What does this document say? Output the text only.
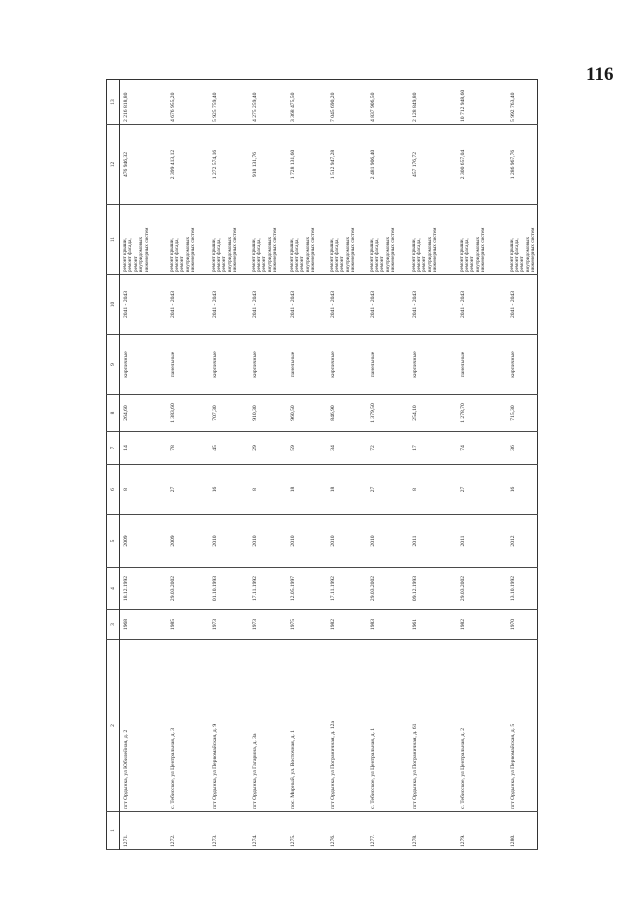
116
1	2	3	4	5	6	7	8	9	10	11	12	13
1271.	пгт Ордынка, ул Юбилейная, д. 2	1968	18.12.1992	2009	8	14	264,60	кирпичные	2041 - 2043	ремонт крыши, ремонт фасада, ремонт внутридомовых инженерных систем	476 946,32	2 216 818,80
1272.	с. Тебисское, ул Центральная, д. 3	1985	29.03.2002	2009	27	78	1 383,60	панельные	2041 - 2043	ремонт крыши, ремонт фасада, ремонт внутридомовых инженерных систем	2 399 413,12	4 676 955,20
1273.	пгт Ордынка, ул Первомайская, д. 9	1973	01.10.1993	2010	16	45	707,30	кирпичные	2041 - 2043	ремонт крыши, ремонт фасада, ремонт внутридомовых инженерных систем	1 272 574,16	5 925 759,40
1274.	пгт Ордынка, ул Гагарина, д. 3а	1973	17.11.1992	2010	8	29	910,30	кирпичные	2041 - 2043	ремонт крыши, ремонт фасада, ремонт внутридомовых инженерных систем	918 131,76	4 275 259,40
1275.	пос. Мирный, ул. Восточная, д. 1	1975	12.05.1997	2010	18	59	960,50	панельные	2041 - 2043	ремонт крыши, ремонт фасада, ремонт внутридомовых инженерных систем	1 728 131,60	3 368 475,50
1276.	пгт Ордынка, ул Пограничная, д. 12а	1982	17.11.1992	2010	18	34	846,90	кирпичные	2041 - 2043	ремонт крыши, ремонт фасада, ремонт внутридомовых инженерных систем	1 512 947,28	7 045 690,20
1277.	с. Тебисское, ул Центральная, д. 1	1983	29.03.2002	2010	27	72	1 379,50	панельные	2041 - 2043	ремонт крыши, ремонт фасада, ремонт внутридомовых инженерных систем	2 481 906,40	4 837 906,50
1278.	пгт Ордынка, ул Пограничная, д. 61	1961	09.12.1993	2011	8	17	254,10	кирпичные	2041 - 2043	ремонт крыши, ремонт фасада, ремонт внутридомовых инженерных систем	457 176,72	2 128 849,80
1279.	с. Тебисское, ул Центральная, д. 2	1982	29.03.2002	2011	27	74	1 278,70	панельные	2041 - 2043	ремонт крыши, ремонт фасада, ремонт внутридомовых инженерных систем	2 300 657,04	10 712 948,60
1280.	пгт Ордынка, ул Первомайская, д. 5	1970	13.10.1992	2012	16	36	715,30	кирпичные	2041 - 2043	ремонт крыши, ремонт фасада, ремонт внутридомовых инженерных систем	1 286 967,76	5 992 763,40
